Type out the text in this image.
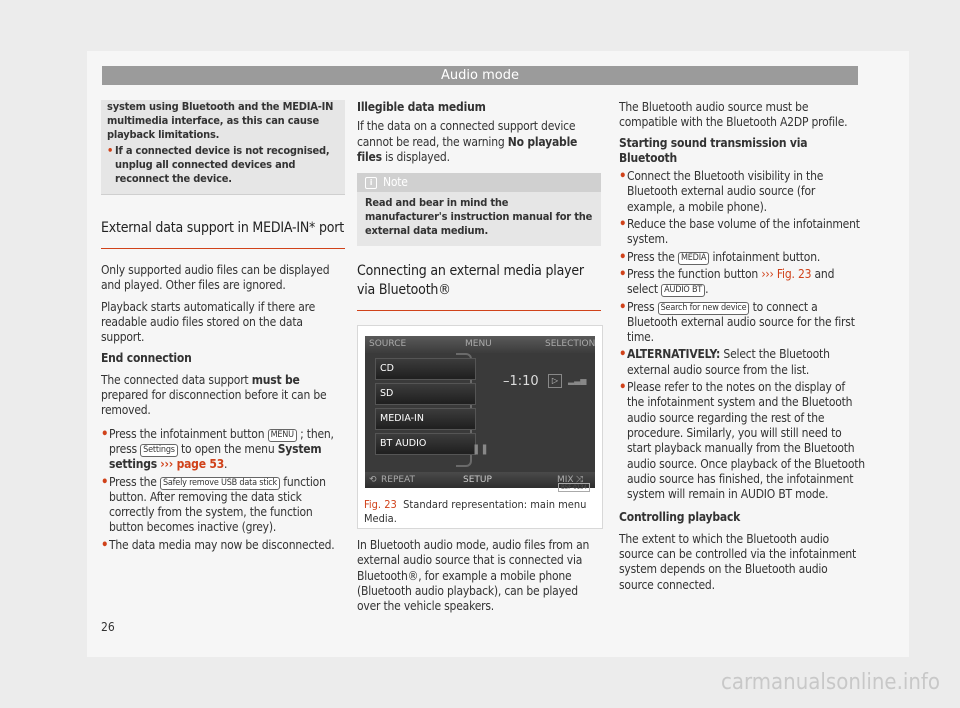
Audio mode
system using Bluetooth and the MEDIA-IN multimedia interface, as this can cause playback limitations.
• If a connected device is not recognised, unplug all connected devices and reconnect the device.
External data support in MEDIA-IN* port

Only supported audio files can be displayed and played. Other files are ignored.

Playback starts automatically if there are readable audio files stored on the data support.

End connection

The connected data support must be prepared for disconnection before it can be removed.

• Press the infotainment button MENU ; then, press Settings to open the menu System settings ››› page 53.
• Press the Safely remove USB data stick function button. After removing the data stick correctly from the system, the function button becomes inactive (grey).
• The data media may now be disconnected.

Illegible data medium

If the data on a connected support device cannot be read, the warning No playable files is displayed.

i Note
Read and bear in mind the manufacturer's instruction manual for the external data medium.
Connecting an external media player via Bluetooth®
SOURCE	MENU	SELECTION
CD
SD
MEDIA-IN
BT AUDIO
–1:10	▷	▂▃▅
❚❚
⟲ REPEAT	SETUP	MIX ⤨
B5F-0134
Fig. 23 Standard representation: main menu Media.

In Bluetooth audio mode, audio files from an external audio source that is connected via Bluetooth®, for example a mobile phone (Bluetooth audio playback), can be played over the vehicle speakers.

The Bluetooth audio source must be compatible with the Bluetooth A2DP profile.

Starting sound transmission via Bluetooth

• Connect the Bluetooth visibility in the Bluetooth external audio source (for example, a mobile phone).
• Reduce the base volume of the infotainment system.
• Press the MEDIA infotainment button.
• Press the function button ››› Fig. 23 and select AUDIO BT .
• Press Search for new device to connect a Bluetooth external audio source for the first time.
• ALTERNATIVELY: Select the Bluetooth external audio source from the list.
• Please refer to the notes on the display of the infotainment system and the Bluetooth audio source regarding the rest of the procedure. Similarly, you will still need to start playback manually from the Bluetooth audio source. Once playback of the Bluetooth audio source has finished, the infotainment system will remain in AUDIO BT mode.

Controlling playback

The extent to which the Bluetooth audio source can be controlled via the infotainment system depends on the Bluetooth audio source connected.

26
carmanualsonline.info
